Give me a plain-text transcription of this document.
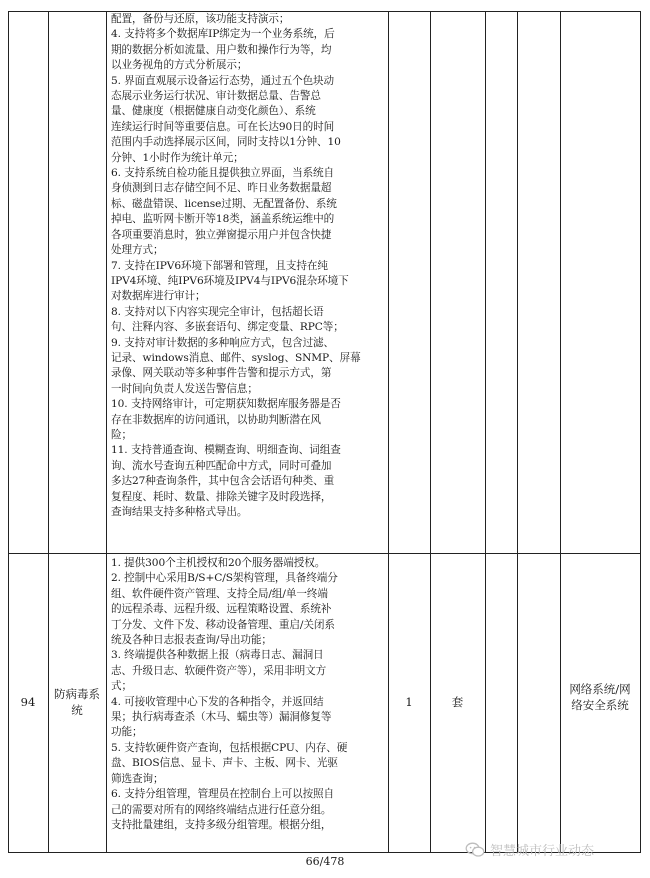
配置，备份与还原，该功能支持演示；

4. 支持将多个数据库IP绑定为一个业务系统，后

期的数据分析如流量、用户数和操作行为等，均

以业务视角的方式分析展示；

5. 界面直观展示设备运行态势，通过五个色块动

态展示业务运行状况、审计数据总量、告警总

量、健康度（根据健康自动变化颜色）、系统

连续运行时间等重要信息。可在长达90日的时间

范围内手动选择展示区间，同时支持以1分钟、10

分钟、1小时作为统计单元；

6. 支持系统自检功能且提供独立界面，当系统自

身侦测到日志存储空间不足、昨日业务数据量超

标、磁盘错误、license过期、无配置备份、系统

掉电、监听网卡断开等18类，涵盖系统运维中的

各项重要消息时，独立弹窗提示用户并包含快捷

处理方式；

7. 支持在IPV6环境下部署和管理，且支持在纯

IPV4环境、纯IPV6环境及IPV4与IPV6混杂环境下

对数据库进行审计；

8. 支持对以下内容实现完全审计，包括超长语

句、注释内容、多嵌套语句、绑定变量、RPC等；

9. 支持对审计数据的多种响应方式，包含过滤、

记录、windows消息、邮件、syslog、SNMP、屏幕

录像、网关联动等多种事件告警和提示方式，第

一时间向负责人发送告警信息；

10. 支持网络审计，可定期获知数据库服务器是否

存在非数据库的访问通讯，以协助判断潜在风

险；

11. 支持普通查询、模糊查询、明细查询、词组查

询、流水号查询五种匹配命中方式，同时可叠加

多达27种查询条件，其中包含会话语句种类、重

复程度、耗时、数量、排除关键字及时段选择，

查询结果支持多种格式导出。

94
防病毒系统

1. 提供300个主机授权和20个服务器端授权。

2. 控制中心采用B/S+C/S架构管理，具备终端分

组、软件硬件资产管理、支持全局/组/单一终端

的远程杀毒、远程升级、远程策略设置、系统补

丁分发、文件下发、移动设备管理、重启/关闭系

统及各种日志报表查询/导出功能；

3. 终端提供各种数据上报（病毒日志、漏洞日

志、升级日志、软硬件资产等），采用非明文方

式；

4. 可接收管理中心下发的各种指令，并返回结

果；执行病毒查杀（木马、蠕虫等）漏洞修复等

功能；

5. 支持软硬件资产查询，包括根据CPU、内存、硬

盘、BIOS信息、显卡、声卡、主板、网卡、光驱

筛选查询；

6. 支持分组管理，管理员在控制台上可以按照自

己的需要对所有的网络终端结点进行任意分组。

支持批量建组，支持多级分组管理。根据分组，

1	套
网络系统/网络安全系统
66/478
智慧城市行业动态
